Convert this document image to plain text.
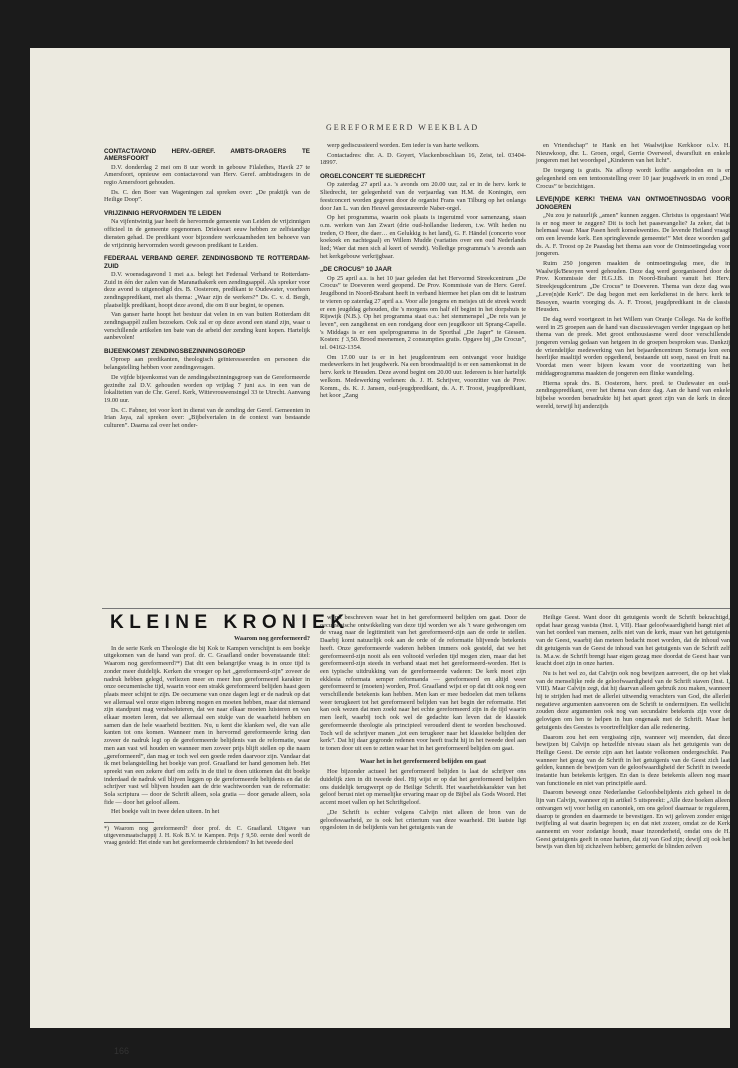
GEREFORMEERD WEEKBLAD
CONTACTAVOND HERV.-GEREF. AMBTS-DRAGERS TE AMERSFOORT

D.V. donderdag 2 mei om 8 uur wordt in gebouw Filalethes, Havik 27 te Amersfoort, opnieuw een contactavond van Herv. Geref. ambtsdragers in de regio Amersfoort gehouden.

Ds. C. den Boer van Wageningen zal spreken over: „De praktijk van de Heilige Doop”.

VRIJZINNIG HERVORMDEN TE LEIDEN

Na vijfentwintig jaar heeft de hervormde gemeente van Leiden de vrijzinnigen officieel in de gemeente opgenomen. Driekwart eeuw hebben ze zelfstandige diensten gehad. De predikant voor bijzondere werkzaamheden ten behoeve van de vrijzinnig hervormden wordt gewoon predikant te Leiden.

FEDERAAL VERBAND GEREF. ZENDINGSBOND TE ROTTERDAM-ZUID

D.V. woensdagavond 1 mei a.s. belegt het Federaal Verband te Rotterdam-Zuid in één der zalen van de Maranathakerk een zendingsappèl. Als spreker voor deze avond is uitgenodigd drs. B. Oosterom, predikant te Oudewater, voorheen zendingspredikant, met als thema: „Waar zijn de werkers?” Ds. C. v. d. Bergh, plaatselijk predikant, hoopt deze avond, die om 8 uur begint, te openen.

Van ganser harte hoopt het bestuur dat velen in en van buiten Rotterdam dit zendingsappèl zullen bezoeken. Ook zal er op deze avond een stand zijn, waar u verschillende artikelen ten bate van de arbeid der zending kunt kopen. Hartelijk aanbevolen!

BIJEENKOMST ZENDINGSBEZINNINGSGROEP

Oproep aan predikanten, theologisch geïnteresseerden en personen die belangstelling hebben voor zendingsvragen.

De vijfde bijeenkomst van de zendingsbezinningsgroep van de Gereformeerde gezindte zal D.V. gehouden worden op vrijdag 7 juni a.s. in een van de lokaliteiten van de Chr. Geref. Kerk, Wittevrouwensingel 33 te Utrecht. Aanvang 19.00 uur.

Ds. C. Fabner, tot voor kort in dienst van de zending der Geref. Gemeenten in Irian Jaya, zal spreken over: „Bijbelvertalen in de context van bestaande culturen”. Daarna zal over het onder-

werp gediscussieerd worden. Een ieder is van harte welkom.

Contactadres: dhr. A. D. Goyert, Vlackenboschlaan 16, Zeist, tel. 03404-18997.

ORGELCONCERT TE SLIEDRECHT

Op zaterdag 27 april a.s. 's avonds om 20.00 uur, zal er in de herv. kerk te Sliedrecht, ter gelegenheid van de verjaardag van H.M. de Koningin, een feestconcert worden gegeven door de organist Frans van Tilburg op het onlangs door Jan L. van den Heuvel gerestaureerde Naber-orgel.

Op het programma, waarin ook plaats is ingeruimd voor samenzang, staan o.m. werken van Jan Zwart (drie oud-hollandse liederen, t.w. Wilt heden nu treden, O Heer, die daer… en Gelukkig is het land), G. F. Händel (concerto voor koekoek en nachtegaal) en Willem Mudde (variaties over een oud Nederlands lied; Waer dat men sich al keert of wendt). Volledige programma's 's avonds aan het kerkgebouw verkrijgbaar.

„DE CROCUS” 10 JAAR

Op 25 april a.s. is het 10 jaar geleden dat het Hervormd Streekcentrum „De Crocus” te Doeveren werd geopend. De Prov. Kommissie van de Herv. Geref. Jeugdbond in Noord-Brabant heeft in verband hiermee het plan om dit te lustrum te vieren op zaterdag 27 april a.s. Voor alle jongens en meisjes uit de streek wordt er een jeugddag gehouden, die 's morgens om half elf begint in het dorpshuis te Rijswijk (N.B.). Op het programma staat o.a.: het stemmenspel „De reis van je leven”, een zangdienst en een rondgang door een jeugdkoor uit Sprang-Capelle. 's Middags is er een spelprogramma in de Sporthal „De Jager” te Giessen. Kosten: ƒ 3,50. Brood meenemen, 2 consumpties gratis. Opgave bij „De Crocus”, tel. 04162-1354.

Om 17.00 uur is er in het jeugdcentrum een ontvangst voor huidige medewerkers in het jeugdwerk. Na een broodmaaltijd is er een samenkomst in de herv. kerk te Heusden. Deze avond begint om 20.00 uur. Iedereen is hier hartelijk welkom. Medewerking verlenen: ds. J. H. Schrijver, voorzitter van de Prov. Komm., ds. K. J. Jansen, oud-jeugdpredikant, ds. A. F. Troost, jeugdpredikant, het koor „Zang

en Vriendschap” te Hank en het Waalwijkse Kerkkoor o.l.v. H. Nieuwkoop, dhr. L. Groen, orgel, Gerrie Overweel, dwarsfluit en enkele jongeren met het woordspel „Kinderen van het licht”.

De toegang is gratis. Na afloop wordt koffie aangeboden en is er gelegenheid om een tentoonstelling over 10 jaar jeugdwerk in en rond „De Crocus” te bezichtigen.

LEVE(N)DE KERK! THEMA VAN ONTMOETINGSDAG VOOR JONGEREN

„Nu zou je natuurlijk „amen” kunnen zeggen. Christus is opgestaan! Wat is er nog meer te zeggen? Dit is toch het paasevangelie? Ja zeker, dat is helemaal waar. Maar Pasen heeft konsekwenties. De levende Heiland vraagt om een levende kerk. Een springlevende gemeente!” Met deze woorden gaf ds. A. F. Troost op 2e Paasdag het thema aan voor de Ontmoetingsdag voor jongeren.

Ruim 250 jongeren maakten de ontmoetingsdag mee, die in Waalwijk/Besoyen werd gehouden. Deze dag werd georganiseerd door de Prov. Kommissie der H.G.J.B. in Noord-Brabant vanuit het Herv. Streekjeugdcentrum „De Crocus” te Doeveren. Thema van deze dag was „Leve(n)de Kerk”. De dag begon met een kerkdienst in de herv. kerk te Besoyen, waarin voorging ds. A. F. Troost, jeugdpredikant in de classis Heusden.

De dag werd voortgezet in het Willem van Oranje College. Na de koffie werd in 25 groepen aan de hand van discussievragen verder ingegaan op het thema van de preek. Met groot enthousiasme werd door verschillende jongeren verslag gedaan van hetgeen in de groepen besproken was. Dankzij de vriendelijke medewerking van het bejaardencentrum Somarja kon een heerlijke maaltijd worden opgediend, bestaande uit soep, nassi en fruit na. Voordat men weer bijeen kwam voor de voortzetting van het middagprogramma maakten de jongeren een flinke wandeling.

Hierna sprak drs. B. Oosterom, herv. pred. te Oudewater en oud-zendingspredikant, over het thema van deze dag. Aan de hand van enkele bijbelse woorden benadrukte hij het apart gezet zijn van de kerk in deze wereld, terwijl hij anderzijds

KLEINE KRONIEK
Waarom nog gereformeerd?

In de serie Kerk en Theologie die bij Kok te Kampen verschijnt is een boekje uitgekomen van de hand van prof. dr. C. Graafland onder bovenstaande titel: Waarom nog gereformeerd?*) Dat dit een belangrijke vraag is in onze tijd is zonder meer duidelijk. Kerken die vroeger op het „gereformeerd-zijn” zoveer de nadruk hebben gelegd, verliezen meer en meer hun gereformeerd karakter in onze oecumenische tijd, waarin voor een strakk gereformeerd belijden haast geen plaats meer schijnt te zijn. De oecumene van onze dagen legt er de nadruk op dat we allemaal wel onze eigen inbreng mogen en moeten hebben, maar dat niemand zijn standpunt mag verabsoluteren, dat we naar elkaar moeten luisteren en van elkaar moeten leren, dat we allemaal een stukje van de waarheid hebben en samen dan de hele waarheid bezitten. Nu, u kent die klanken wel, die van alle kanten tot ons komen. Wanneer men in hervormd gereformeerde kring dan zoveer de nadruk legt op de gereformeerde belijdenis van de reformatie, waar men aan vast wil houden en wanneer men zoveer prijs blijft stellen op die naam „gereformeerd”, dan mag er toch wel een goede reden daarvoor zijn. Vandaar dat ik met belangstelling het boekje van prof. Graafland ter hand genomen heb. Het spreekt van een zekere durf om zelfs in de titel te doen uitkomen dat dit boekje inderdaad de nadruk wil blijven leggen op de gereformeerde belijdenis en dat de schrijver vast wil blijven houden aan de drie wachtwoorden van de reformatie: Sola scriptura — door de Schrift alleen, sola gratia — door genade alleen, sola fide — door het geloof alleen.

Het boekje valt in twee delen uiteen. In het

*) Waarom nog gereformeerd? door prof. dr. C. Graafland. Uitgave van uitgeversmaatschappij J. H. Kok B.V. te Kampen. Prijs ƒ 9,50. eerste deel wordt de vraag gesteld: Het einde van het gereformeerde christendom? In het tweede deel

wordt beschreven waar het in het gereformeerd belijden om gaat. Door de oecumenische ontwikkeling van deze tijd worden we als 't ware gedwongen om de vraag naar de legitimiteit van het gereformeerd-zijn aan de orde te stellen. Daarbij komt natuurlijk ook aan de orde of de reformatie blijvende betekenis heeft. Onze gereformeerde vaderen hebben immers ook gesteld, dat we het gereformeerd-zijn nooit als een voltooid verleden tijd mogen zien, maar dat het gereformeerd-zijn steeds in verband staat met het gereformeerd-worden. Het is een typische uitdrukking van de gereformeerde vaderen: De kerk moet zijn ekklesia reformata semper reformanda — gereformeerd en altijd weer gereformeerd te (moeten) worden, Prof. Graafland wijst er op dat dit ook nog een verschillende betekenis kan hebben. Men kan er mee bedoelen dat men telkens weer terugkeert tot het gereformeerd belijden van het begin der reformatie. Het kan ook wezen dat men zoekt naar het echte gereformeerd zijn in de tijd waarin men leeft, waarbij toch ook wel de gedachte kan leven dat de klassiek gereformeerde theologie als principieel verouderd dient te worden beschouwd. Toch wil de schrijver manen „tot een terugkeer naar het klassieke belijden der kerk”. Dat hij daar gegronde redenen voor heeft tracht hij in het tweede deel aan te tonen door uit een te zetten waar het in het gereformeerd belijden om gaat.

Waar het in het gereformeerd belijden om gaat

Hoe bijzonder actueel het gereformeerd belijden is laat de schrijver ons duidelijk zien in dit tweede deel. Hij wijst er op dat het gereformeerd belijden ons duidelijk terugwerpt op de Heilige Schrift. Het waarheidskarakter van het geloof berust niet op menselijke ervaring maar op de Bijbel als Gods Woord. Het accent moet vallen op het Schriftgeloof.

„De Schrift is echter volgens Calvijn niet alleen de bron van de geloofswaarheid, ze is ook het criterium van deze waarheid. Dit laatste ligt opgesloten in de belijdenis van het getuigenis van de

Heilige Geest. Want door dit getuigenis wordt de Schrift bekrachtigd, opdat haar gezag vaststa (Inst. I, VII). Haar geloofwaardigheid hangt niet af van het oordeel van mensen, zelfs niet van de kerk, maar van het getuigenis van de Geest, waarbij dan meteen bedacht moet worden, dat de inhoud van dit getuigenis van de Geest de inhoud van het getuigenis van de Schrift zelf is. M.a.w. de Schrift brengt haar eigen gezag mee doordat de Geest haar van kracht doet zijn in onze harten.

Nu is het wel zo, dat Calvijn ook nog bewijzen aanvoert, die op het vlak van de menselijke rede de geloofwaardigheid van de Schrift staven (Inst. I, VIII). Maar Calvijn zegt, dat hij daarvan alleen gebruik zou maken, wanneer hij te strijden had met de allerlei uitwendig verachters van God, die allerlei negatieve argumenten aanvoeren om de Schrift te ondermijnen. En wellicht zouden deze argumenten ook nog van secundaire betekenis zijn voor de gelovigen om hen te helpen in hun ongenaak met de Schrift. Maar het getuigenis des Geestes is voortreffelijker dan alle redenering.

Daarom zou het een vergissing zijn, wanneer wij meenden, dat deze bewijzen bij Calvijn op hetzelfde niveau staan als het getuigenis van de Heilige Geest. De eerste zijn aan het laatste volkomen ondergeschikt. Pas wanneer het gezag van de Schrift in het getuigenis van de Geest zich laat gelden, kunnen de bewijzen van de geloofwaardigheid der Schrift in tweede instantie hun betekenis krijgen. En dan is deze betekenis alleen nog maar van functionele en niet van principiële aard.

Daarom beweegt onze Nederlandse Geloofsbelijdenis zich geheel in de lijn van Calvijn, wanneer zij in artikel 5 uitspreekt: „Alle deze boeken alleen ontvangen wij voor heilig en canoniek, om ons geloof daarnaar te reguleren, daarop te gronden en daarmede te bevestigen. En wij geloven zonder enige twijfeling al wat daarin begrepen is; en dat niet zozeer, omdat ze de Kerk aanneemt en voor zodanige houdt, maar inzonderheid, omdat ons de H. Geest getuigenis geeft in onze harten, dat zij van God zijn; dewijl zij ook het bewijs van dien bij zichzelven hebben; gemerkt de blinden zelven

166
